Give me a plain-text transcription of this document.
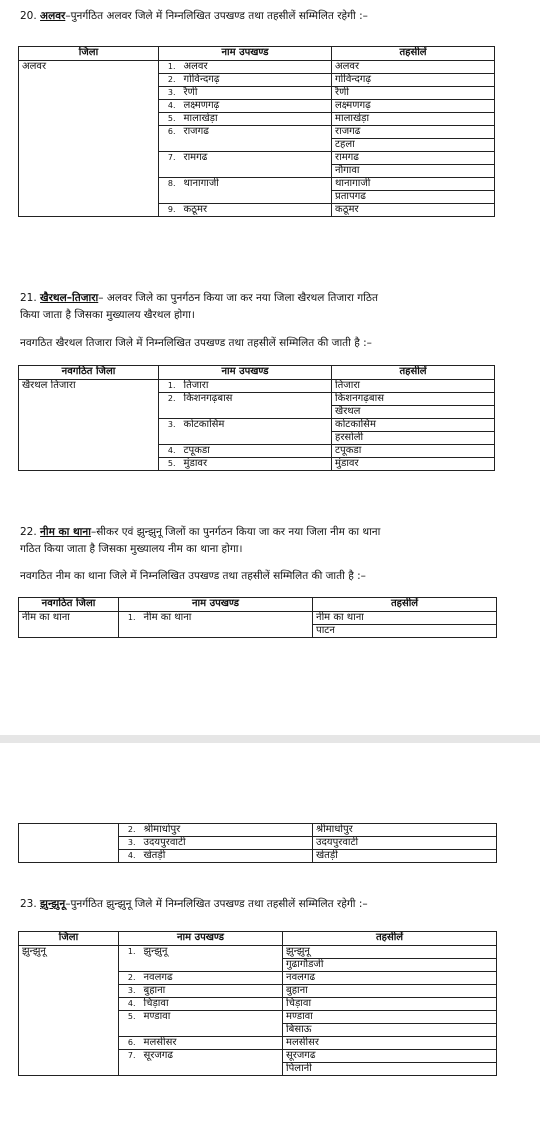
20. अलवर–पुनर्गठित अलवर जिले में निम्नलिखित उपखण्ड तथा तहसीलें सम्मिलित रहेगी :–
जिला	नाम उपखण्ड		तहसीलें
अलवर	1.	अलवर	अलवर
	2.	गोविन्दगढ़	गोविन्दगढ़
	3.	रैणी	रैणी
	4.	लक्ष्मणगढ़	लक्ष्मणगढ़
	5.	मालाखेड़ा	मालाखेड़ा
	6.	राजगढ	राजगढ
			टहला
	7.	रामगढ	रामगढ
			नौगावा
	8.	थानागाजी	थानागाजी
			प्रतापगढ
	9.	कठूमर	कठूमर
21. खैरथल–तिजारा– अलवर जिले का पुनर्गठन किया जा कर नया जिला खैरथल तिजारा गठित
किया जाता है जिसका मुख्यालय खैरथल होगा।
नवगठित खैरथल तिजारा जिले में निम्नलिखित उपखण्ड तथा तहसीलें सम्मिलित की जाती है :–
नवगठित जिला	नाम उपखण्ड		तहसीलें
खैरथल तिजारा	1.	तिजारा	तिजारा
	2.	किशनगढ़बास	किशनगढ़बास
			खैरथल
	3.	कोटकासिम	कोटकासिम
			हरसोली
	4.	टपूकडा	टपूकडा
	5.	मुंडावर	मुंडावर
22. नीम का थाना–सीकर एवं झुन्झुनू जिलों का पुनर्गठन किया जा कर नया जिला नीम का थाना
गठित किया जाता है जिसका मुख्यालय नीम का थाना होगा।
नवगठित नीम का थाना जिले में निम्नलिखित उपखण्ड तथा तहसीलें सम्मिलित की जाती है :–
नवगठित जिला	नाम उपखण्ड		तहसीलें
नीम का थाना	1.	नीम का थाना	नीम का थाना
			पाटन
	2.	श्रीमाधोपुर	श्रीमाधोपुर
	3.	उदयपुरवाटी	उदयपुरवाटी
	4.	खेतड़ी	खेतड़ी
23. झुन्झुनू–पुनर्गठित झुन्झुनू जिले में निम्नलिखित उपखण्ड तथा तहसीलें सम्मिलित रहेगी :–
जिला	नाम उपखण्ड		तहसीलें
झुन्झुनू	1.	झुन्झुनू	झुन्झुनू
			गुढागौडजी
	2.	नवलगढ	नवलगढ
	3.	बुहाना	बुहाना
	4.	चिड़ावा	चिड़ावा
	5.	मण्डावा	मण्डावा
			बिसाऊ
	6.	मलसीसर	मलसीसर
	7.	सूरजगढ	सूरजगढ
			पिलानी
